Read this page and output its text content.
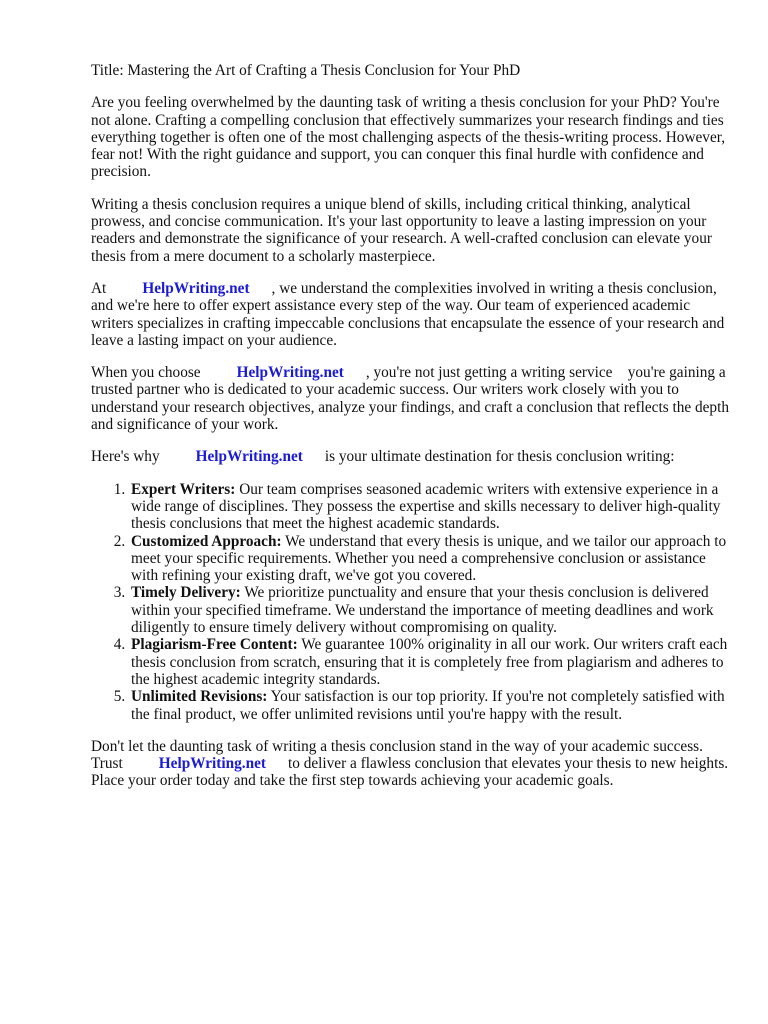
Title: Mastering the Art of Crafting a Thesis Conclusion for Your PhD

Are you feeling overwhelmed by the daunting task of writing a thesis conclusion for your PhD? You're not alone. Crafting a compelling conclusion that effectively summarizes your research findings and ties everything together is often one of the most challenging aspects of the thesis-writing process. However, fear not! With the right guidance and support, you can conquer this final hurdle with confidence and precision.

Writing a thesis conclusion requires a unique blend of skills, including critical thinking, analytical prowess, and concise communication. It's your last opportunity to leave a lasting impression on your readers and demonstrate the significance of your research. A well-crafted conclusion can elevate your thesis from a mere document to a scholarly masterpiece.

At HelpWriting.net , we understand the complexities involved in writing a thesis conclusion, and we're here to offer expert assistance every step of the way. Our team of experienced academic writers specializes in crafting impeccable conclusions that encapsulate the essence of your research and leave a lasting impact on your audience.

When you choose HelpWriting.net , you're not just getting a writing service you're gaining a trusted partner who is dedicated to your academic success. Our writers work closely with you to understand your research objectives, analyze your findings, and craft a conclusion that reflects the depth and significance of your work.

Here's why HelpWriting.net is your ultimate destination for thesis conclusion writing:

1. Expert Writers: Our team comprises seasoned academic writers with extensive experience in a wide range of disciplines. They possess the expertise and skills necessary to deliver high-quality thesis conclusions that meet the highest academic standards.
2. Customized Approach: We understand that every thesis is unique, and we tailor our approach to meet your specific requirements. Whether you need a comprehensive conclusion or assistance with refining your existing draft, we've got you covered.
3. Timely Delivery: We prioritize punctuality and ensure that your thesis conclusion is delivered within your specified timeframe. We understand the importance of meeting deadlines and work diligently to ensure timely delivery without compromising on quality.
4. Plagiarism-Free Content: We guarantee 100% originality in all our work. Our writers craft each thesis conclusion from scratch, ensuring that it is completely free from plagiarism and adheres to the highest academic integrity standards.
5. Unlimited Revisions: Your satisfaction is our top priority. If you're not completely satisfied with the final product, we offer unlimited revisions until you're happy with the result.

Don't let the daunting task of writing a thesis conclusion stand in the way of your academic success. Trust HelpWriting.net to deliver a flawless conclusion that elevates your thesis to new heights. Place your order today and take the first step towards achieving your academic goals.
